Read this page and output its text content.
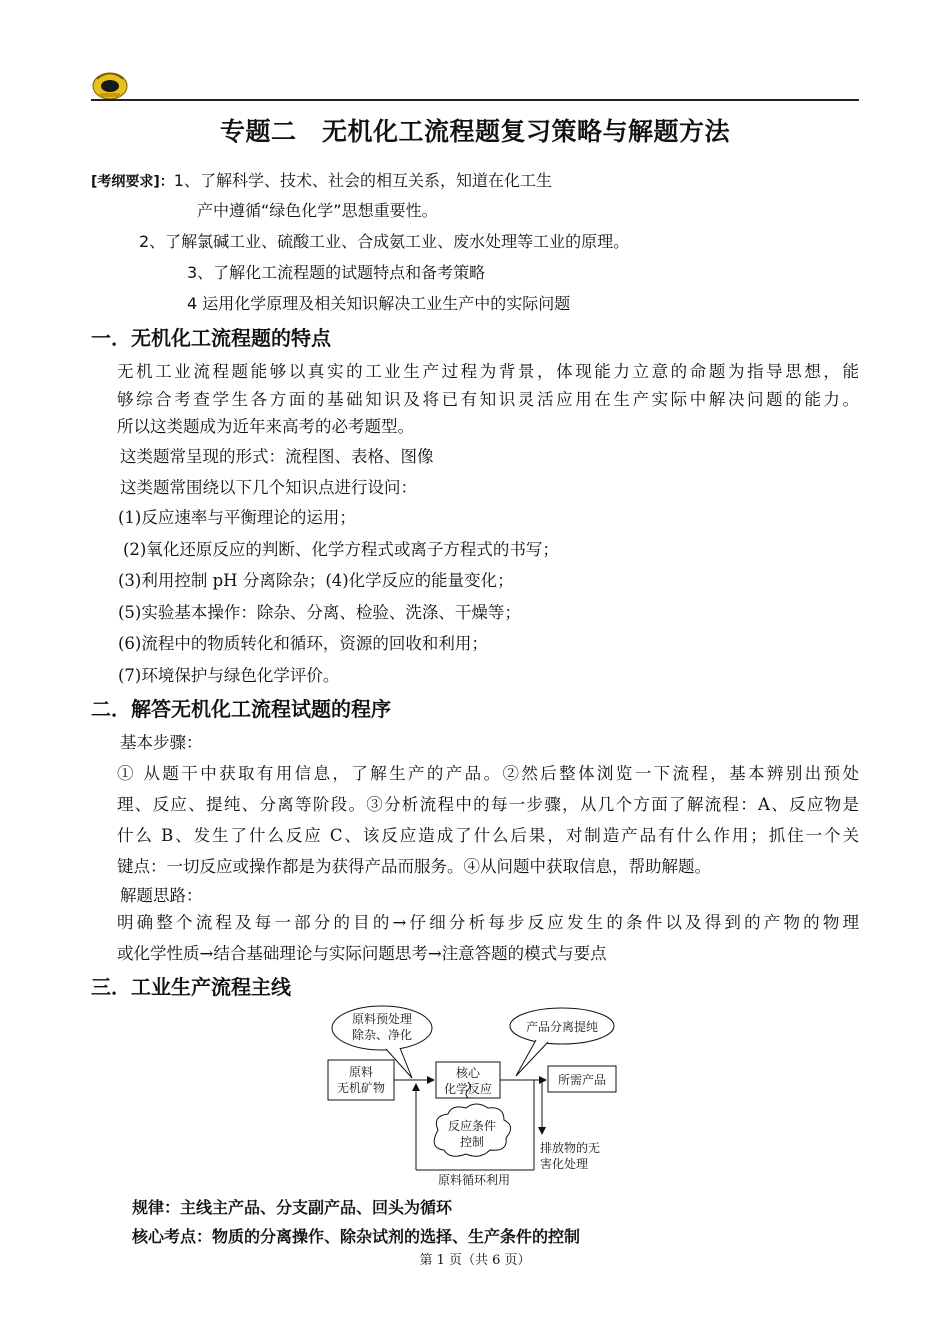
专题二　无机化工流程题复习策略与解题方法
[考纲要求]：1、了解科学、技术、社会的相互关系，知道在化工生
产中遵循“绿色化学”思想重要性。
2、了解氯碱工业、硫酸工业、合成氨工业、废水处理等工业的原理。
3、了解化工流程题的试题特点和备考策略
4 运用化学原理及相关知识解决工业生产中的实际问题
一．无机化工流程题的特点
无机工业流程题能够以真实的工业生产过程为背景，体现能力立意的命题为指导思想，能
够综合考查学生各方面的基础知识及将已有知识灵活应用在生产实际中解决问题的能力。
所以这类题成为近年来高考的必考题型。
这类题常呈现的形式：流程图、表格、图像
这类题常围绕以下几个知识点进行设问：
(1)反应速率与平衡理论的运用；
(2)氧化还原反应的判断、化学方程式或离子方程式的书写；
(3)利用控制 pH 分离除杂；(4)化学反应的能量变化；
(5)实验基本操作：除杂、分离、检验、洗涤、干燥等；
(6)流程中的物质转化和循环，资源的回收和利用；
(7)环境保护与绿色化学评价。
二．解答无机化工流程试题的程序
基本步骤：
① 从题干中获取有用信息，了解生产的产品。②然后整体浏览一下流程，基本辨别出预处
理、反应、提纯、分离等阶段。③分析流程中的每一步骤，从几个方面了解流程：A、反应物是
什么 B、发生了什么反应 C、该反应造成了什么后果，对制造产品有什么作用；抓住一个关
键点：一切反应或操作都是为获得产品而服务。④从问题中获取信息，帮助解题。
解题思路：
明确整个流程及每一部分的目的→仔细分析每步反应发生的条件以及得到的产物的物理
或化学性质→结合基础理论与实际问题思考→注意答题的模式与要点
三．工业生产流程主线
原料预处理
除杂、净化
原料
无机矿物
核心
化学反应
所需产品
产品分离提纯
排放物的无
害化处理
原料循环利用
反应条件
控制
规律：主线主产品、分支副产品、回头为循环
核心考点：物质的分离操作、除杂试剂的选择、生产条件的控制
第 1 页（共 6 页）
